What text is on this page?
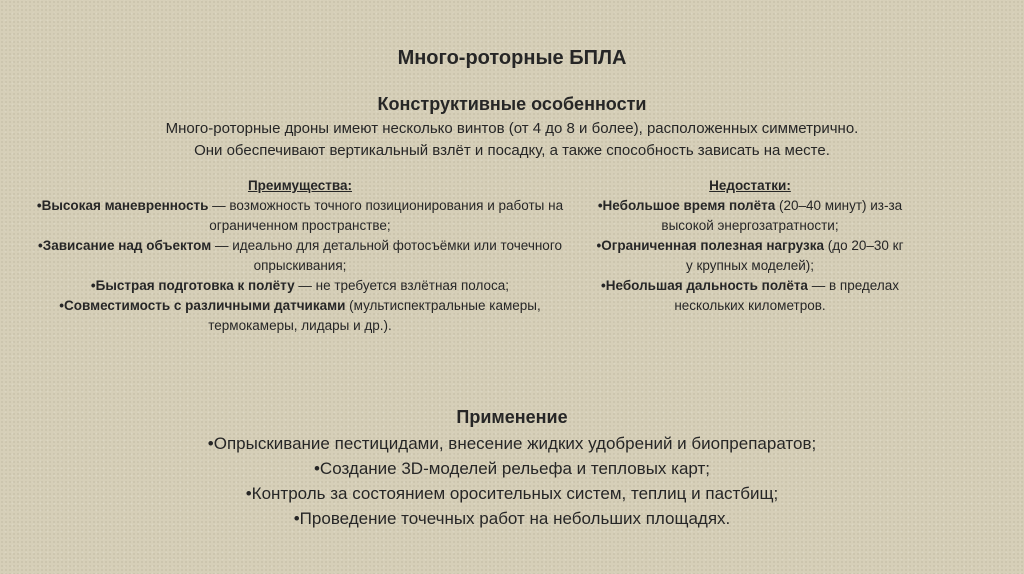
Много-роторные БПЛА
Конструктивные особенности
Много-роторные дроны имеют несколько винтов (от 4 до 8 и более), расположенных симметрично.
Они обеспечивают вертикальный взлёт и посадку, а также способность зависать на месте.
Преимущества:
•Высокая маневренность — возможность точного позиционирования и работы на ограниченном пространстве;
•Зависание над объектом — идеально для детальной фотосъёмки или точечного опрыскивания;
•Быстрая подготовка к полёту — не требуется взлётная полоса;
•Совместимость с различными датчиками (мультиспектральные камеры, термокамеры, лидары и др.).
Недостатки:
•Небольшое время полёта (20–40 минут) из-за высокой энергозатратности;
•Ограниченная полезная нагрузка (до 20–30 кг у крупных моделей);
•Небольшая дальность полёта — в пределах нескольких километров.
Применение
•Опрыскивание пестицидами, внесение жидких удобрений и биопрепаратов;
•Создание 3D-моделей рельефа и тепловых карт;
•Контроль за состоянием оросительных систем, теплиц и пастбищ;
•Проведение точечных работ на небольших площадях.
